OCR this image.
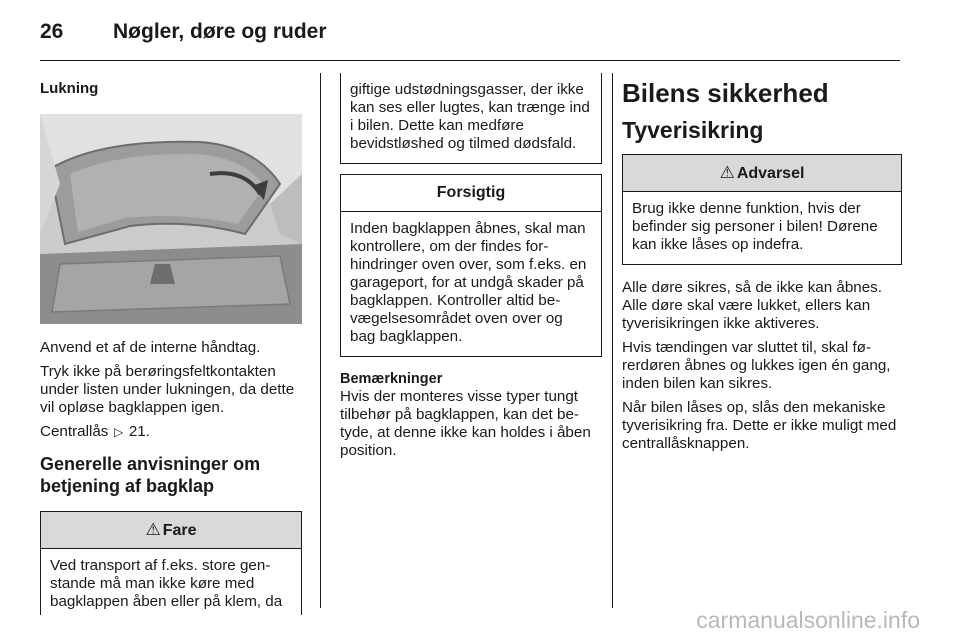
26 Nøgler, døre og ruder

Lukning

Anvend et af de interne håndtag.

Tryk ikke på berøringsfeltkontakten under listen under lukningen, da dette vil opløse bagklappen igen.

Centrallås ▷ 21.

Generelle anvisninger om betjening af bagklap

⚠ Fare
Ved transport af f.eks. store genstande må man ikke køre med bagklappen åben eller på klem, da
giftige udstødningsgasser, der ikke kan ses eller lugtes, kan trænge ind i bilen. Dette kan medføre bevidstløshed og tilmed dødsfald.
Forsigtig
Inden bagklappen åbnes, skal man kontrollere, om der findes forhindringer oven over, som f.eks. en garageport, for at undgå skader på bagklappen. Kontroller altid bevægelsesområdet oven over og bag bagklappen.

Bemærkninger

Hvis der monteres visse typer tungt tilbehør på bagklappen, kan det betyde, at denne ikke kan holdes i åben position.

Bilens sikkerhed

Tyverisikring

⚠ Advarsel
Brug ikke denne funktion, hvis der befinder sig personer i bilen! Dørene kan ikke låses op indefra.

Alle døre sikres, så de ikke kan åbnes. Alle døre skal være lukket, ellers kan tyverisikringen ikke aktiveres.

Hvis tændingen var sluttet til, skal førerdøren åbnes og lukkes igen én gang, inden bilen kan sikres.

Når bilen låses op, slås den mekaniske tyverisikring fra. Dette er ikke muligt med centrallåsknappen.

carmanualsonline.info
